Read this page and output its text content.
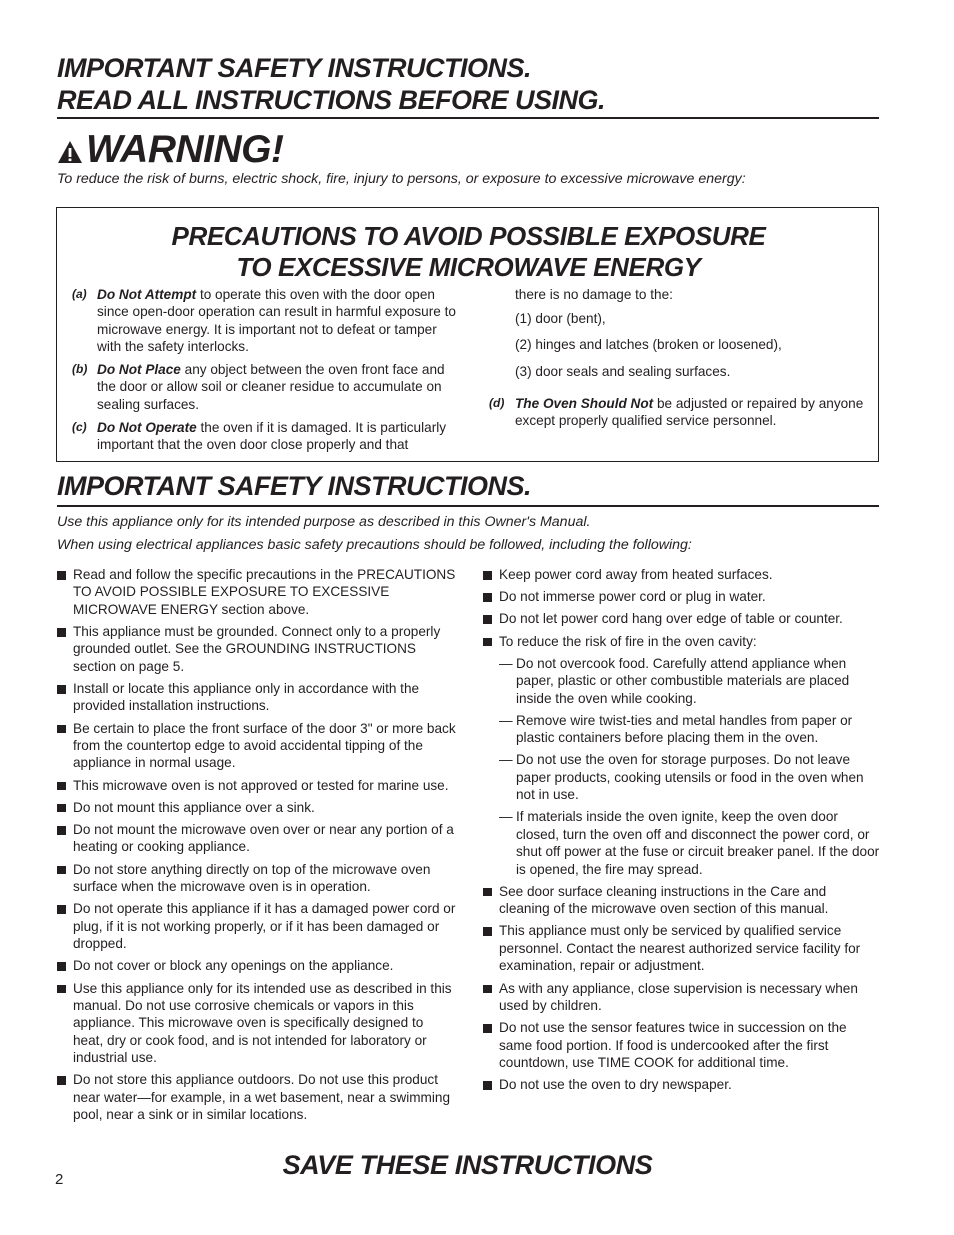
IMPORTANT SAFETY INSTRUCTIONS.
READ ALL INSTRUCTIONS BEFORE USING.
WARNING!
To reduce the risk of burns, electric shock, fire, injury to persons, or exposure to excessive microwave energy:
PRECAUTIONS TO AVOID POSSIBLE EXPOSURE
TO EXCESSIVE MICROWAVE ENERGY
(a) Do Not Attempt to operate this oven with the door open since open-door operation can result in harmful exposure to microwave energy. It is important not to defeat or tamper with the safety interlocks.
(b) Do Not Place any object between the oven front face and the door or allow soil or cleaner residue to accumulate on sealing surfaces.
(c) Do Not Operate the oven if it is damaged. It is particularly important that the oven door close properly and that
there is no damage to the:
(1) door (bent),
(2) hinges and latches (broken or loosened),
(3) door seals and sealing surfaces.
(d) The Oven Should Not be adjusted or repaired by anyone except properly qualified service personnel.
IMPORTANT SAFETY INSTRUCTIONS.
Use this appliance only for its intended purpose as described in this Owner's Manual.
When using electrical appliances basic safety precautions should be followed, including the following:
Read and follow the specific precautions in the PRECAUTIONS TO AVOID POSSIBLE EXPOSURE TO EXCESSIVE MICROWAVE ENERGY section above.
This appliance must be grounded. Connect only to a properly grounded outlet. See the GROUNDING INSTRUCTIONS section on page 5.
Install or locate this appliance only in accordance with the provided installation instructions.
Be certain to place the front surface of the door 3" or more back from the countertop edge to avoid accidental tipping of the appliance in normal usage.
This microwave oven is not approved or tested for marine use.
Do not mount this appliance over a sink.
Do not mount the microwave oven over or near any portion of a heating or cooking appliance.
Do not store anything directly on top of the microwave oven surface when the microwave oven is in operation.
Do not operate this appliance if it has a damaged power cord or plug, if it is not working properly, or if it has been damaged or dropped.
Do not cover or block any openings on the appliance.
Use this appliance only for its intended use as described in this manual. Do not use corrosive chemicals or vapors in this appliance. This microwave oven is specifically designed to heat, dry or cook food, and is not intended for laboratory or industrial use.
Do not store this appliance outdoors. Do not use this product near water—for example, in a wet basement, near a swimming pool, near a sink or in similar locations.
Keep power cord away from heated surfaces.
Do not immerse power cord or plug in water.
Do not let power cord hang over edge of table or counter.
To reduce the risk of fire in the oven cavity:
— Do not overcook food. Carefully attend appliance when paper, plastic or other combustible materials are placed inside the oven while cooking.
— Remove wire twist-ties and metal handles from paper or plastic containers before placing them in the oven.
— Do not use the oven for storage purposes. Do not leave paper products, cooking utensils or food in the oven when not in use.
— If materials inside the oven ignite, keep the oven door closed, turn the oven off and disconnect the power cord, or shut off power at the fuse or circuit breaker panel. If the door is opened, the fire may spread.
See door surface cleaning instructions in the Care and cleaning of the microwave oven section of this manual.
This appliance must only be serviced by qualified service personnel. Contact the nearest authorized service facility for examination, repair or adjustment.
As with any appliance, close supervision is necessary when used by children.
Do not use the sensor features twice in succession on the same food portion. If food is undercooked after the first countdown, use TIME COOK for additional time.
Do not use the oven to dry newspaper.
SAVE THESE INSTRUCTIONS
2
